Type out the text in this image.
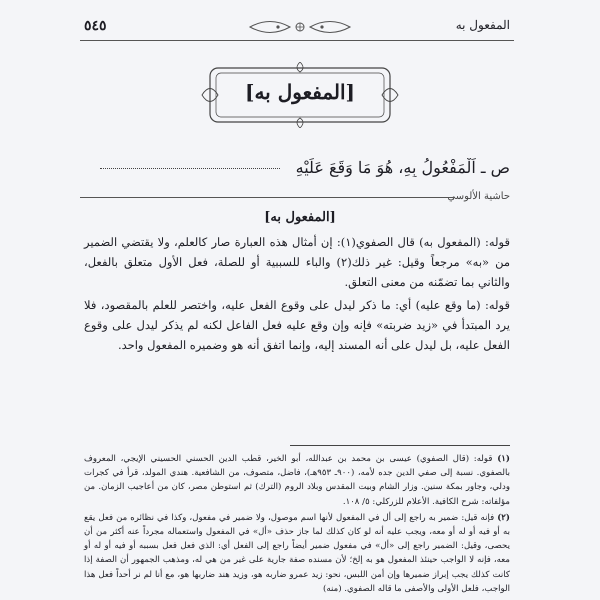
٥٤٥	المفعول به
[المفعول به]
ص ـ اَلْمَفْعُولُ بِهِ، هُوَ مَا وَقَعَ عَلَيْهِ
حاشية الألوسي
[المفعول به]

قوله: (المفعول به) قال الصفوي(١): إن أمثال هذه العبارة صار كالعلم، ولا يقتضي الضمير من «به» مرجعاً وقيل: غير ذلك(٢) والباء للسببية أو للصلة، فعل الأول متعلق بالفعل، والثاني بما تضمّنه من معنى التعلق.

قوله: (ما وقع عليه) أي: ما ذكر ليدل على وقوع الفعل عليه، واختصر للعلم بالمقصود، فلا يرد المبتدأ في «زيد ضربته» فإنه وإن وقع عليه فعل الفاعل لكنه لم يذكر ليدل على وقوع الفعل عليه، بل ليدل على أنه المسند إليه، وإنما اتفق أنه هو وضميره المفعول واحد.

(١) قوله: (قال الصفوي) عيسى بن محمد بن عبدالله، أبو الخير، قطب الدين الحسني الحسيني الإيجي، المعروف بالصفوي. نسبة إلى صفي الدين جده لأمه، (٩٠٠ـ ٩٥٣هـ)، فاضل، متصوف، من الشافعية. هندي المولد، قرأ في كجرات ودلي، وجاور بمكة سنين. وزار الشام وبيت المقدس وبلاد الروم (الترك) ثم استوطن مصر، كان من أعاجيب الزمان. من مؤلفاته: شرح الكافية. الأعلام للزركلي: ٥/ ١٠٨.

(٢) فإنه قيل: ضمير به راجع إلى أل في المفعول لأنها اسم موصول، ولا ضمير في مفعول، وكذا في نظائره من فعل يقع به أو فيه أو له أو معه، ويجب عليه أنه لو كان كذلك لما جاز حذف «أل» في المفعول واستعماله مجرداً عنه أكثر من أن يحصى، وقيل: الضمير راجع إلى «أل» في مفعول ضمير أيضاً راجع إلى الفعل أي: الذي فعل فعل بسببه أو فيه أو له أو معه، فإنه لا الواجب حينئذ المفعول هو به إلخ؛ لأن مسنده صفة جارية على غير من هي له، ومذهب الجمهور أن الصفة إذا كانت كذلك يجب إبراز ضميرها وإن أمن اللبس، نحو: زيد عمرو ضاربه هو، وزيد هند ضاربها هو، مع أنا لم نر أحداً فعل هذا الواجب، فلعل الأولى والأصفى ما قاله الصفوي. (منه)
